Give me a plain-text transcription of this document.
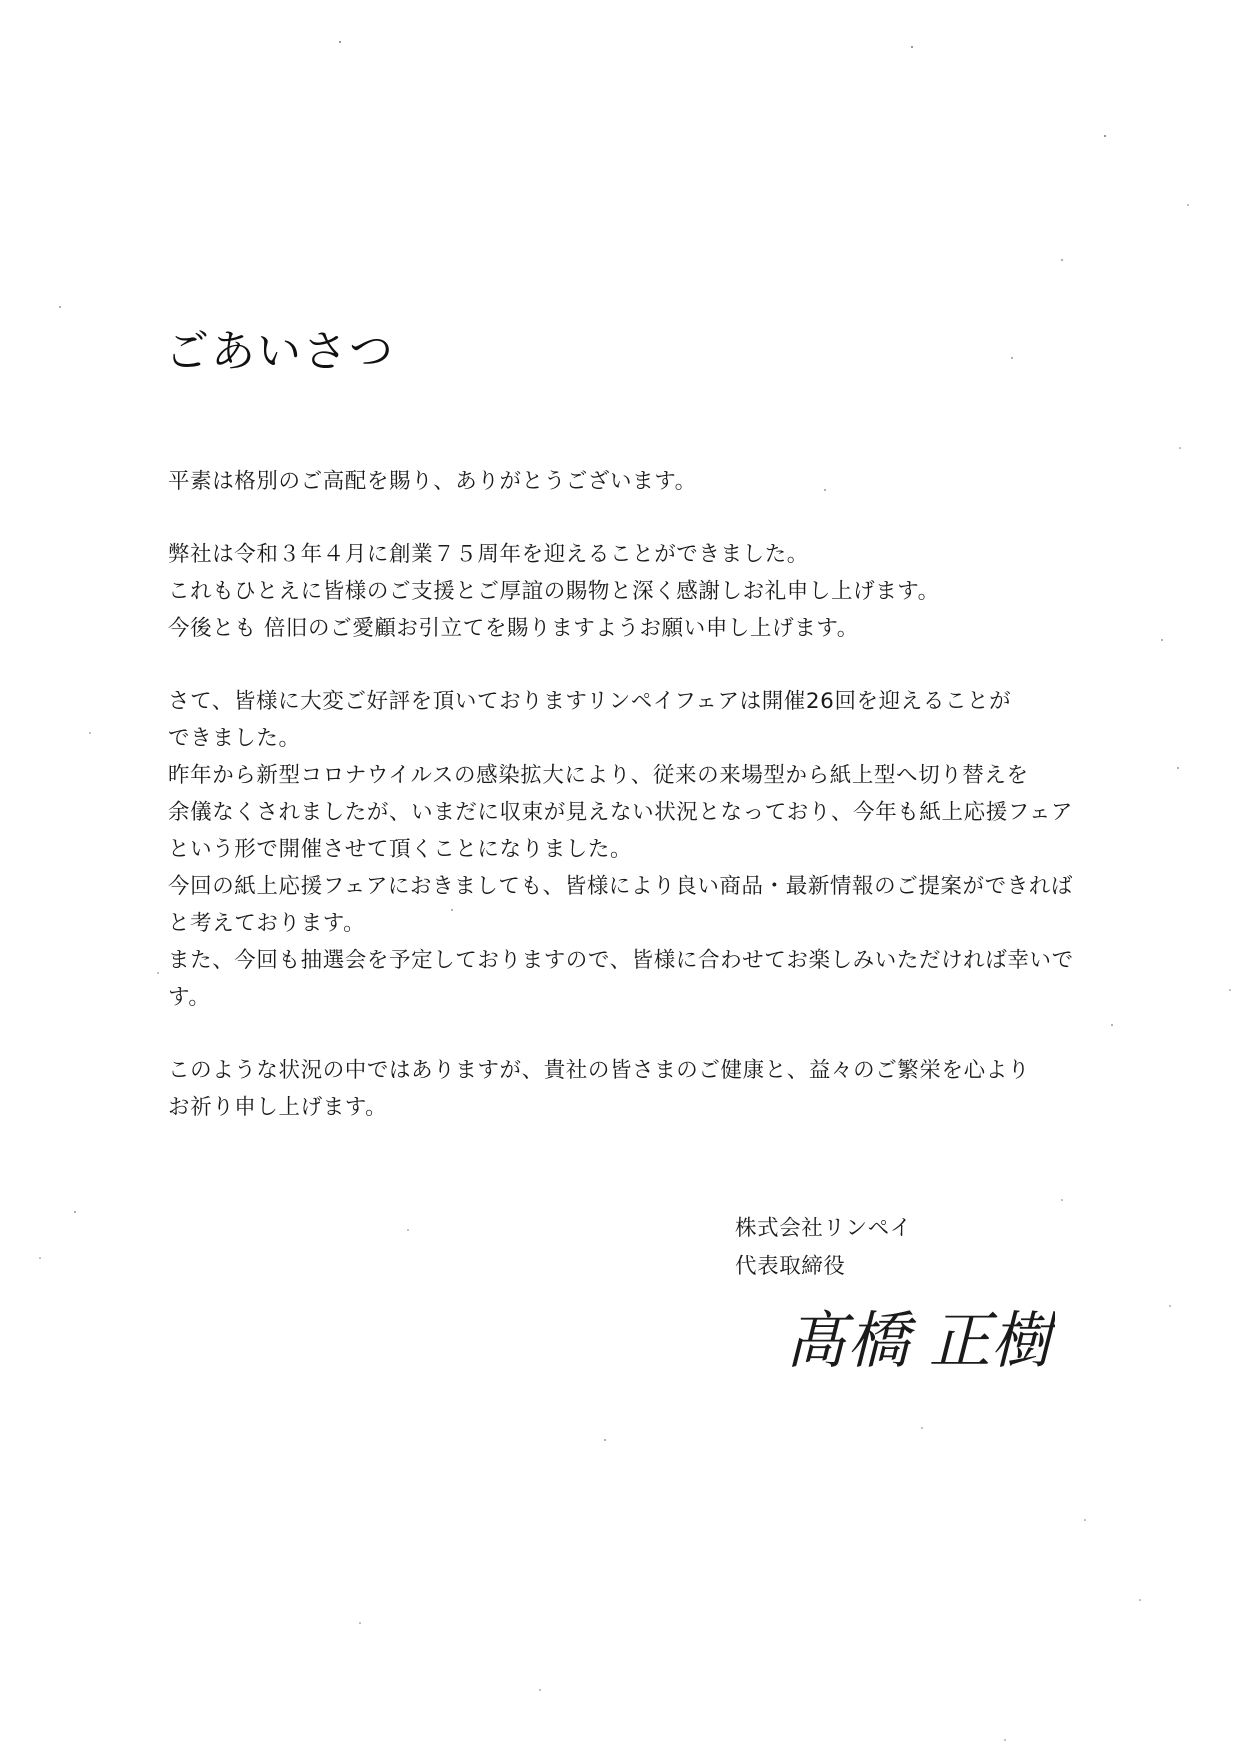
ごあいさつ
平素は格別のご高配を賜り、ありがとうございます。
弊社は令和３年４月に創業７５周年を迎えることができました。
これもひとえに皆様のご支援とご厚誼の賜物と深く感謝しお礼申し上げます。
今後とも 倍旧のご愛顧お引立てを賜りますようお願い申し上げます。
さて、皆様に大変ご好評を頂いておりますリンペイフェアは開催26回を迎えることが
できました。
昨年から新型コロナウイルスの感染拡大により、従来の来場型から紙上型へ切り替えを
余儀なくされましたが、いまだに収束が見えない状況となっており、今年も紙上応援フェア
という形で開催させて頂くことになりました。
今回の紙上応援フェアにおきましても、皆様により良い商品・最新情報のご提案ができれば
と考えております。
また、今回も抽選会を予定しておりますので、皆様に合わせてお楽しみいただければ幸いで
す。
このような状況の中ではありますが、貴社の皆さまのご健康と、益々のご繁栄を心より
お祈り申し上げます。
株式会社リンペイ
代表取締役
髙橋 正樹
